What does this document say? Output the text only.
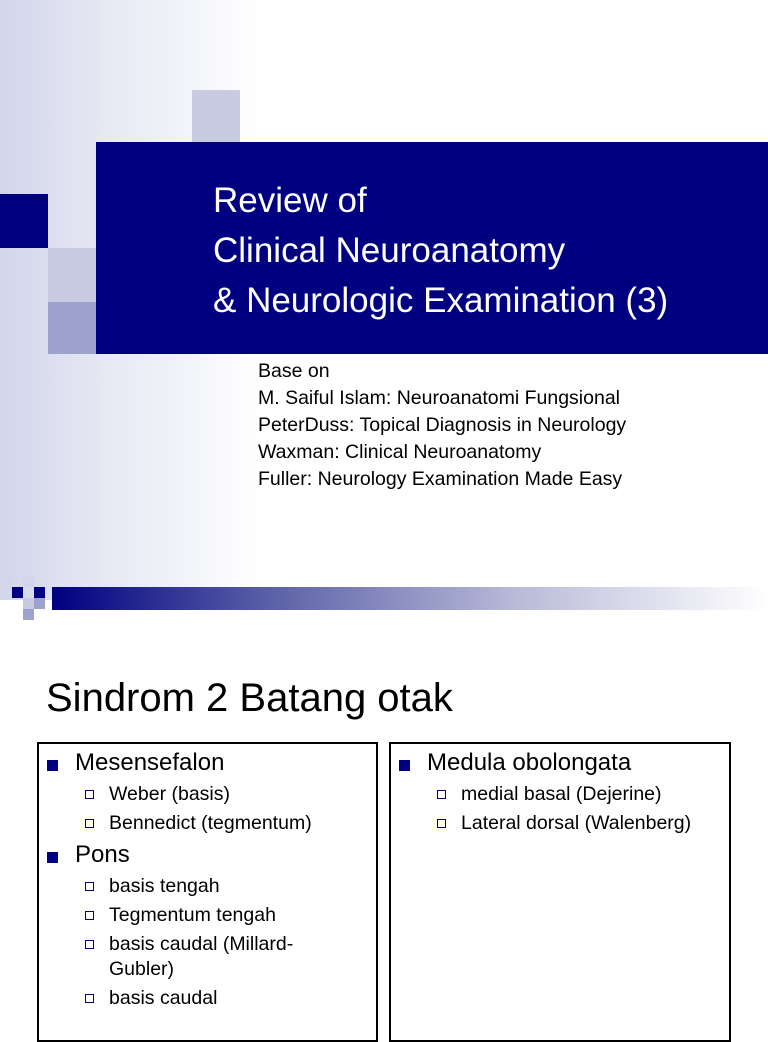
Review of
Clinical Neuroanatomy
& Neurologic Examination (3)
Base on
M. Saiful Islam: Neuroanatomi Fungsional
PeterDuss: Topical Diagnosis in Neurology
Waxman: Clinical Neuroanatomy
Fuller: Neurology Examination Made Easy
Sindrom 2 Batang otak
Mesensefalon
Weber (basis)
Bennedict (tegmentum)
Pons
basis tengah
Tegmentum tengah
basis caudal (Millard-
Gubler)
basis caudal
Medula obolongata
medial basal (Dejerine)
Lateral dorsal (Walenberg)
